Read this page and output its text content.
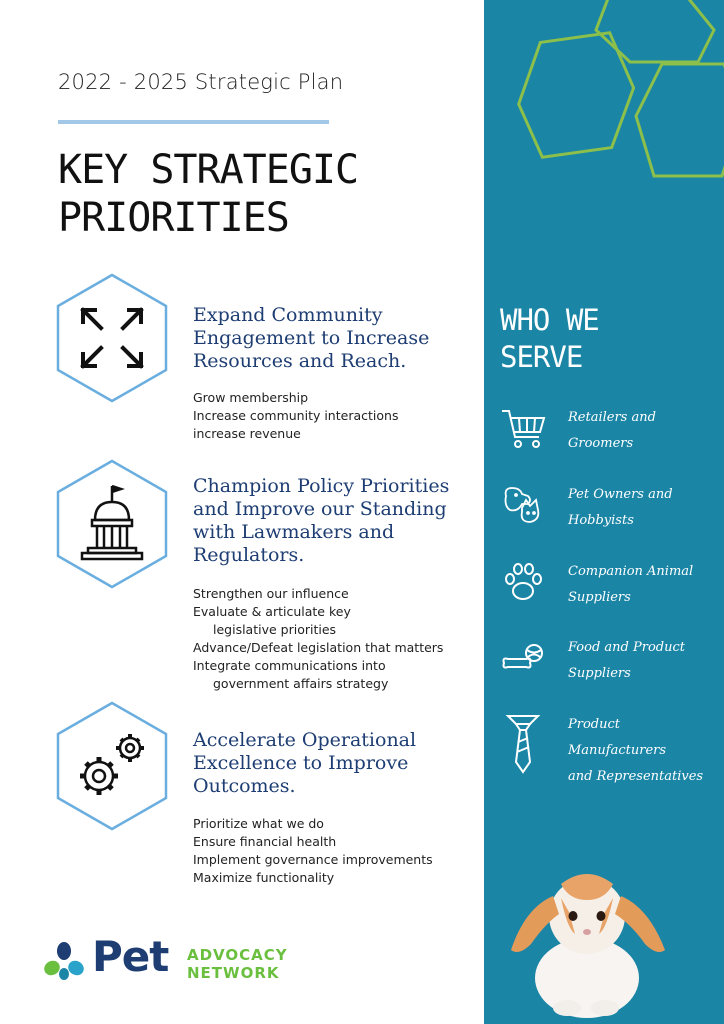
2022 - 2025 Strategic Plan
KEY STRATEGIC
PRIORITIES
Expand Community Engagement to Increase Resources and Reach.
Grow membership
Increase community interactions
increase revenue
Champion Policy Priorities and Improve our Standing with Lawmakers and Regulators.
Strengthen our influence
Evaluate & articulate key
legislative priorities
Advance/Defeat legislation that matters
Integrate communications into
government affairs strategy
Accelerate Operational Excellence to Improve Outcomes.
Prioritize what we do
Ensure financial health
Implement governance improvements
Maximize functionality
Pet ADVOCACY
NETWORK
WHO WE
SERVE
Retailers and
Groomers
Pet Owners and
Hobbyists
Companion Animal
Suppliers
Food and Product
Suppliers
Product
Manufacturers
and Representatives
